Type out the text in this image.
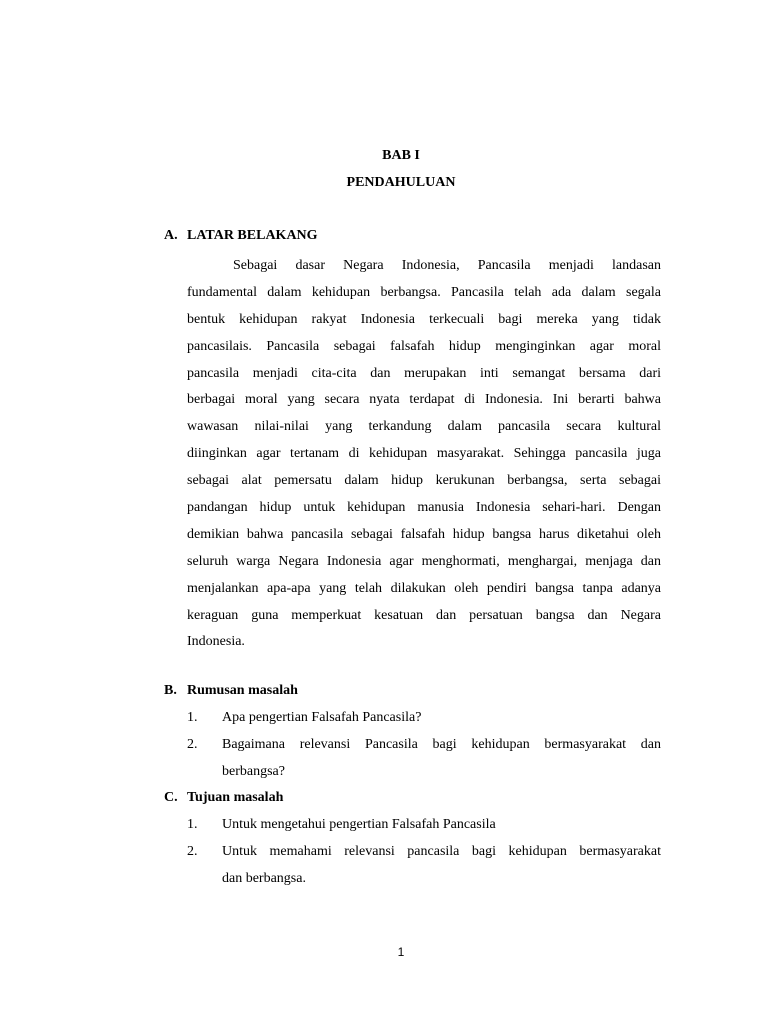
BAB I
PENDAHULUAN
A. LATAR BELAKANG
Sebagai dasar Negara Indonesia, Pancasila menjadi landasan
fundamental dalam kehidupan berbangsa. Pancasila telah ada dalam segala
bentuk kehidupan rakyat Indonesia terkecuali bagi mereka yang tidak
pancasilais. Pancasila sebagai falsafah hidup menginginkan agar moral
pancasila menjadi cita-cita dan merupakan inti semangat bersama dari
berbagai moral yang secara nyata terdapat di Indonesia. Ini berarti bahwa
wawasan nilai-nilai yang terkandung dalam pancasila secara kultural
diinginkan agar tertanam di kehidupan masyarakat. Sehingga pancasila juga
sebagai alat pemersatu dalam hidup kerukunan berbangsa, serta sebagai
pandangan hidup untuk kehidupan manusia Indonesia sehari-hari. Dengan
demikian bahwa pancasila sebagai falsafah hidup bangsa harus diketahui oleh
seluruh warga Negara Indonesia agar menghormati, menghargai, menjaga dan
menjalankan apa-apa yang telah dilakukan oleh pendiri bangsa tanpa adanya
keraguan guna memperkuat kesatuan dan persatuan bangsa dan Negara
Indonesia.
B. Rumusan masalah
1. Apa pengertian Falsafah Pancasila?
2. Bagaimana relevansi Pancasila bagi kehidupan bermasyarakat dan
berbangsa?
C. Tujuan masalah
1. Untuk mengetahui pengertian Falsafah Pancasila
2. Untuk memahami relevansi pancasila bagi kehidupan bermasyarakat
dan berbangsa.
1
